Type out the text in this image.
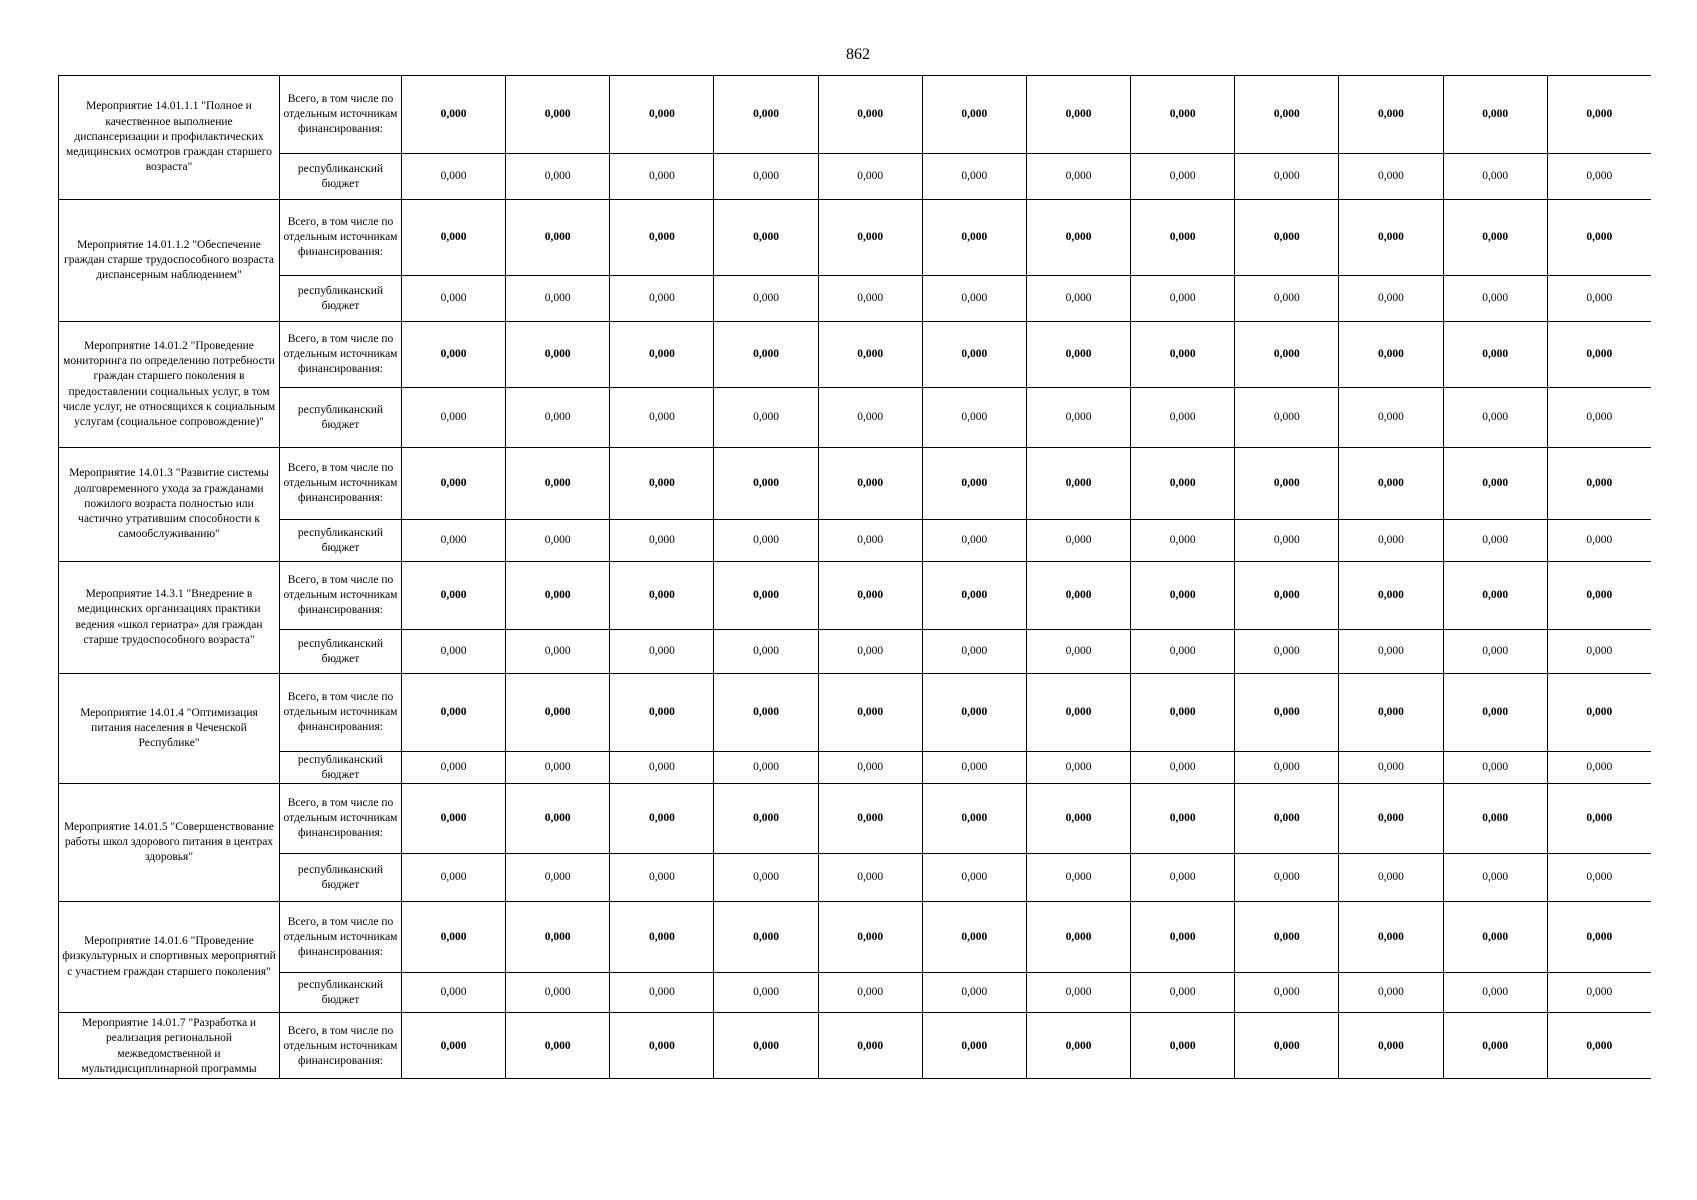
862
Мероприятие 14.01.1.1 "Полное и качественное выполнение диспансеризации и профилактических медицинских осмотров граждан старшего возраста"	Всего, в том числе по отдельным источникам финансирования:	0,000	0,000	0,000	0,000	0,000	0,000	0,000	0,000	0,000	0,000	0,000	0,000
	республиканский бюджет	0,000	0,000	0,000	0,000	0,000	0,000	0,000	0,000	0,000	0,000	0,000	0,000
Мероприятие 14.01.1.2 "Обеспечение граждан старше трудоспособного возраста диспансерным наблюдением"	Всего, в том числе по отдельным источникам финансирования:	0,000	0,000	0,000	0,000	0,000	0,000	0,000	0,000	0,000	0,000	0,000	0,000
	республиканский бюджет	0,000	0,000	0,000	0,000	0,000	0,000	0,000	0,000	0,000	0,000	0,000	0,000
Мероприятие 14.01.2 "Проведение мониторинга по определению потребности граждан старшего поколения в предоставлении социальных услуг, в том числе услуг, не относящихся к социальным услугам (социальное сопровождение)"	Всего, в том числе по отдельным источникам финансирования:	0,000	0,000	0,000	0,000	0,000	0,000	0,000	0,000	0,000	0,000	0,000	0,000
	республиканский бюджет	0,000	0,000	0,000	0,000	0,000	0,000	0,000	0,000	0,000	0,000	0,000	0,000
Мероприятие 14.01.3 "Развитие системы долговременного ухода за гражданами пожилого возраста полностью или частично утратившим способности к самообслуживанию"	Всего, в том числе по отдельным источникам финансирования:	0,000	0,000	0,000	0,000	0,000	0,000	0,000	0,000	0,000	0,000	0,000	0,000
	республиканский бюджет	0,000	0,000	0,000	0,000	0,000	0,000	0,000	0,000	0,000	0,000	0,000	0,000
Мероприятие 14.3.1 "Внедрение в медицинских организациях практики ведения «школ гериатра» для граждан старше трудоспособного возраста"	Всего, в том числе по отдельным источникам финансирования:	0,000	0,000	0,000	0,000	0,000	0,000	0,000	0,000	0,000	0,000	0,000	0,000
	республиканский бюджет	0,000	0,000	0,000	0,000	0,000	0,000	0,000	0,000	0,000	0,000	0,000	0,000
Мероприятие 14.01.4 "Оптимизация питания населения в Чеченской Республике"	Всего, в том числе по отдельным источникам финансирования:	0,000	0,000	0,000	0,000	0,000	0,000	0,000	0,000	0,000	0,000	0,000	0,000
	республиканский бюджет	0,000	0,000	0,000	0,000	0,000	0,000	0,000	0,000	0,000	0,000	0,000	0,000
Мероприятие 14.01.5 "Совершенствование работы школ здорового питания в центрах здоровья"	Всего, в том числе по отдельным источникам финансирования:	0,000	0,000	0,000	0,000	0,000	0,000	0,000	0,000	0,000	0,000	0,000	0,000
	республиканский бюджет	0,000	0,000	0,000	0,000	0,000	0,000	0,000	0,000	0,000	0,000	0,000	0,000
Мероприятие 14.01.6 "Проведение физкультурных и спортивных мероприятий с участием граждан старшего поколения"	Всего, в том числе по отдельным источникам финансирования:	0,000	0,000	0,000	0,000	0,000	0,000	0,000	0,000	0,000	0,000	0,000	0,000
	республиканский бюджет	0,000	0,000	0,000	0,000	0,000	0,000	0,000	0,000	0,000	0,000	0,000	0,000
Мероприятие 14.01.7 "Разработка и реализация региональной межведомственной и мультидисциплинарной программы	Всего, в том числе по отдельным источникам финансирования:	0,000	0,000	0,000	0,000	0,000	0,000	0,000	0,000	0,000	0,000	0,000	0,000
